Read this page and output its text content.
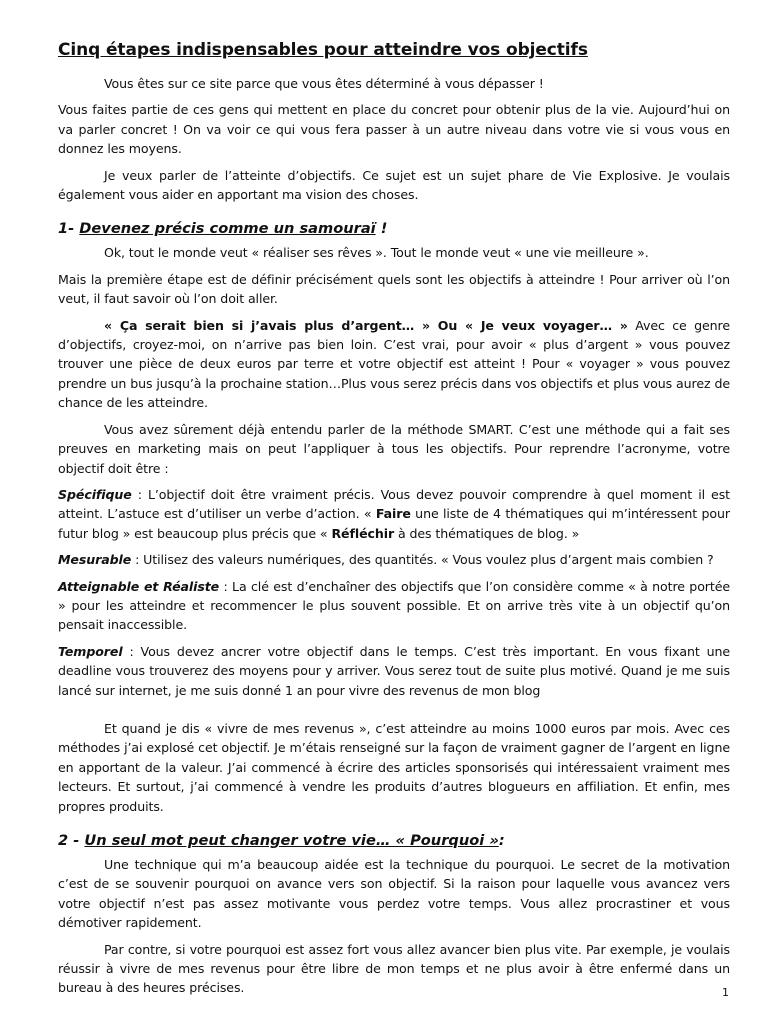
Cinq étapes indispensables pour atteindre vos objectifs

Vous êtes sur ce site parce que vous êtes déterminé à vous dépasser !

Vous faites partie de ces gens qui mettent en place du concret pour obtenir plus de la vie. Aujourd’hui on va parler concret ! On va voir ce qui vous fera passer à un autre niveau dans votre vie si vous vous en donnez les moyens.

Je veux parler de l’atteinte d’objectifs. Ce sujet est un sujet phare de Vie Explosive. Je voulais également vous aider en apportant ma vision des choses.

1- Devenez précis comme un samouraï !

Ok, tout le monde veut « réaliser ses rêves ». Tout le monde veut « une vie meilleure ».

Mais la première étape est de définir précisément quels sont les objectifs à atteindre ! Pour arriver où l’on veut, il faut savoir où l’on doit aller.

« Ça serait bien si j’avais plus d’argent… » Ou « Je veux voyager… » Avec ce genre d’objectifs, croyez-moi, on n’arrive pas bien loin. C’est vrai, pour avoir « plus d’argent » vous pouvez trouver une pièce de deux euros par terre et votre objectif est atteint ! Pour « voyager » vous pouvez prendre un bus jusqu’à la prochaine station…Plus vous serez précis dans vos objectifs et plus vous aurez de chance de les atteindre.

Vous avez sûrement déjà entendu parler de la méthode SMART. C’est une méthode qui a fait ses preuves en marketing mais on peut l’appliquer à tous les objectifs. Pour reprendre l’acronyme, votre objectif doit être :

Spécifique : L’objectif doit être vraiment précis. Vous devez pouvoir comprendre à quel moment il est atteint. L’astuce est d’utiliser un verbe d’action. « Faire une liste de 4 thématiques qui m’intéressent pour futur blog » est beaucoup plus précis que « Réfléchir à des thématiques de blog. »

Mesurable : Utilisez des valeurs numériques, des quantités. « Vous voulez plus d’argent mais combien ?

Atteignable et Réaliste : La clé est d’enchaîner des objectifs que l’on considère comme « à notre portée » pour les atteindre et recommencer le plus souvent possible. Et on arrive très vite à un objectif qu’on pensait inaccessible.

Temporel : Vous devez ancrer votre objectif dans le temps. C’est très important. En vous fixant une deadline vous trouverez des moyens pour y arriver. Vous serez tout de suite plus motivé. Quand je me suis lancé sur internet, je me suis donné 1 an pour vivre des revenus de mon blog

Et quand je dis « vivre de mes revenus », c’est atteindre au moins 1000 euros par mois. Avec ces méthodes j’ai explosé cet objectif. Je m’étais renseigné sur la façon de vraiment gagner de l’argent en ligne en apportant de la valeur. J’ai commencé à écrire des articles sponsorisés qui intéressaient vraiment mes lecteurs. Et surtout, j’ai commencé à vendre les produits d’autres blogueurs en affiliation. Et enfin, mes propres produits.

2 - Un seul mot peut changer votre vie… « Pourquoi »:

Une technique qui m’a beaucoup aidée est la technique du pourquoi. Le secret de la motivation c’est de se souvenir pourquoi on avance vers son objectif. Si la raison pour laquelle vous avancez vers votre objectif n’est pas assez motivante vous perdez votre temps. Vous allez procrastiner et vous démotiver rapidement.

Par contre, si votre pourquoi est assez fort vous allez avancer bien plus vite. Par exemple, je voulais réussir à vivre de mes revenus pour être libre de mon temps et ne plus avoir à être enfermé dans un bureau à des heures précises.	1
